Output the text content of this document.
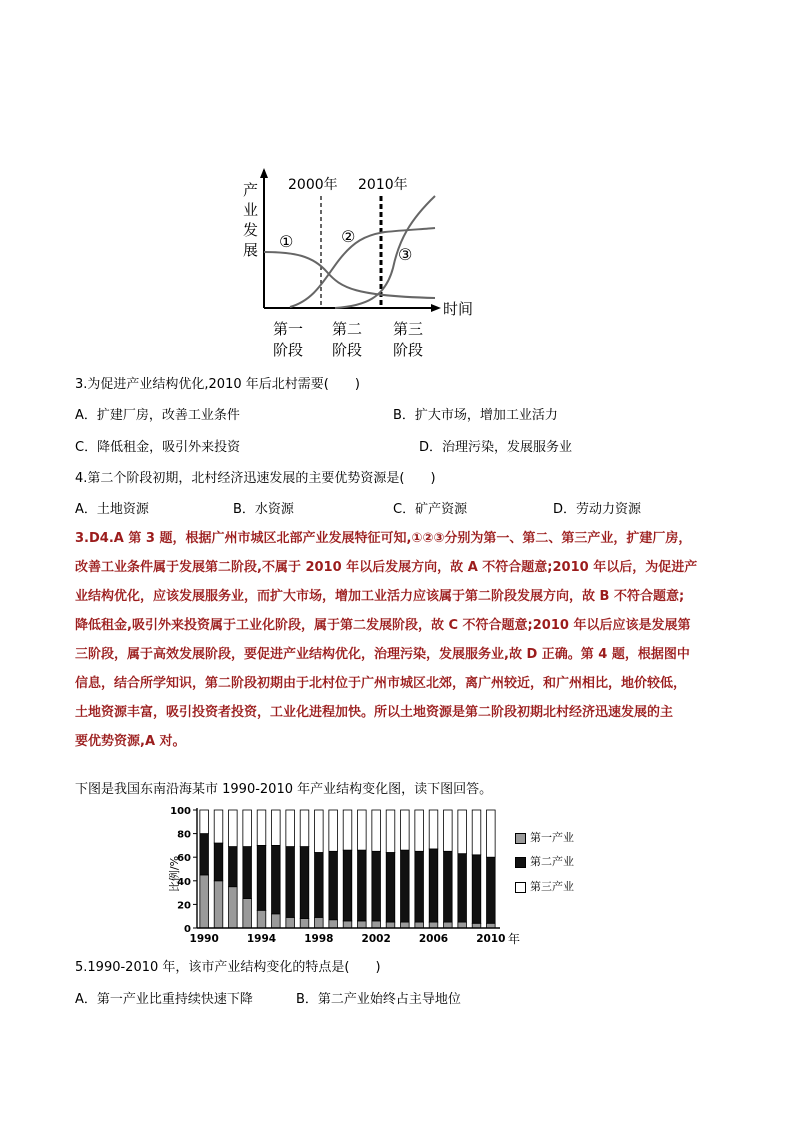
产
业
发
展
时间
2000年 2010年
①	②
③
第一
阶段
第二
阶段
第三
阶段
3.为促进产业结构优化,2010 年后北村需要(　　)
A．扩建厂房，改善工业条件	B．扩大市场，增加工业活力
C．降低租金，吸引外来投资	D．治理污染，发展服务业
4.第二个阶段初期，北村经济迅速发展的主要优势资源是(　　)
A．土地资源	B．水资源	C．矿产资源	D．劳动力资源
3.D4.A 第 3 题，根据广州市城区北部产业发展特征可知,①②③分别为第一、第二、第三产业，扩建厂房，
改善工业条件属于发展第二阶段,不属于 2010 年以后发展方向，故 A 不符合题意;2010 年以后，为促进产
业结构优化，应该发展服务业，而扩大市场，增加工业活力应该属于第二阶段发展方向，故 B 不符合题意;
降低租金,吸引外来投资属于工业化阶段，属于第二发展阶段，故 C 不符合题意;2010 年以后应该是发展第
三阶段，属于高效发展阶段，要促进产业结构优化，治理污染，发展服务业,故 D 正确。第 4 题，根据图中
信息，结合所学知识，第二阶段初期由于北村位于广州市城区北郊，离广州较近，和广州相比，地价较低，
土地资源丰富，吸引投资者投资，工业化进程加快。所以土地资源是第二阶段初期北村经济迅速发展的主
要优势资源,A 对。
下图是我国东南沿海某市 1990-2010 年产业结构变化图，读下图回答。
比例/%
0
20
40
60
80
100
1990	1994	1998	2002	2006	2010 年
第一产业
第二产业
第三产业
5.1990-2010 年，该市产业结构变化的特点是(　　)
A．第一产业比重持续快速下降	B．第二产业始终占主导地位
